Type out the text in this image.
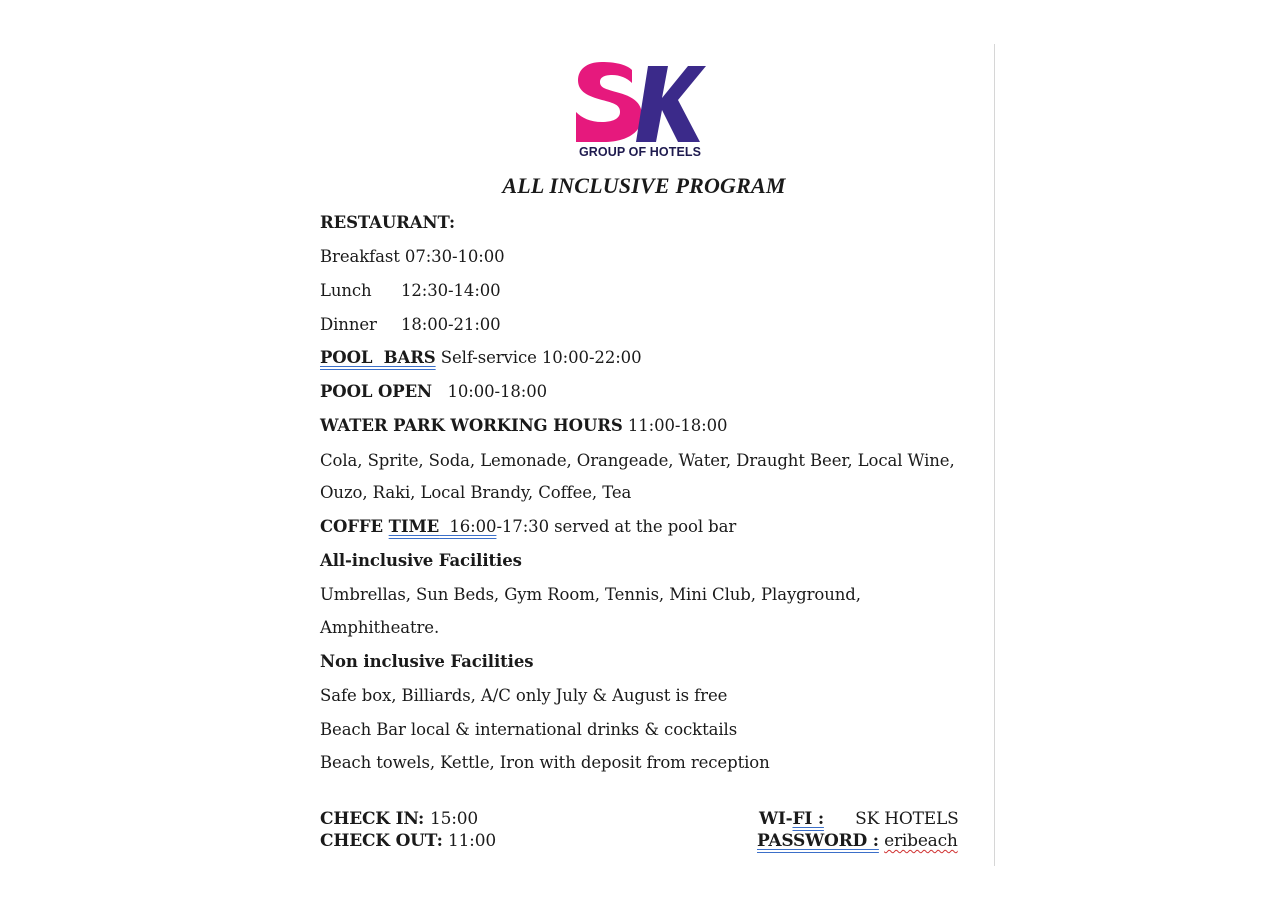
GROUP OF HOTELS
ALL INCLUSIVE PROGRAM
RESTAURANT:
Breakfast 07:30-10:00
Lunch 12:30-14:00
Dinner 18:00-21:00
POOL  BARS Self-service 10:00-22:00
POOL OPEN 10:00-18:00
WATER PARK WORKING HOURS 11:00-18:00
Cola, Sprite, Soda, Lemonade, Orangeade, Water, Draught Beer, Local Wine,
Ouzo, Raki, Local Brandy, Coffee, Tea
COFFE TIME  16:00-17:30 served at the pool bar
All-inclusive Facilities
Umbrellas, Sun Beds, Gym Room, Tennis, Mini Club, Playground,
Amphitheatre.
Non inclusive Facilities
Safe box, Billiards, A/C only July & August is free
Beach Bar local & international drinks & cocktails
Beach towels, Kettle, Iron with deposit from reception
CHECK IN: 15:00
CHECK OUT: 11:00
WI-FI : SK HOTELS
PASSWORD : eribeach
